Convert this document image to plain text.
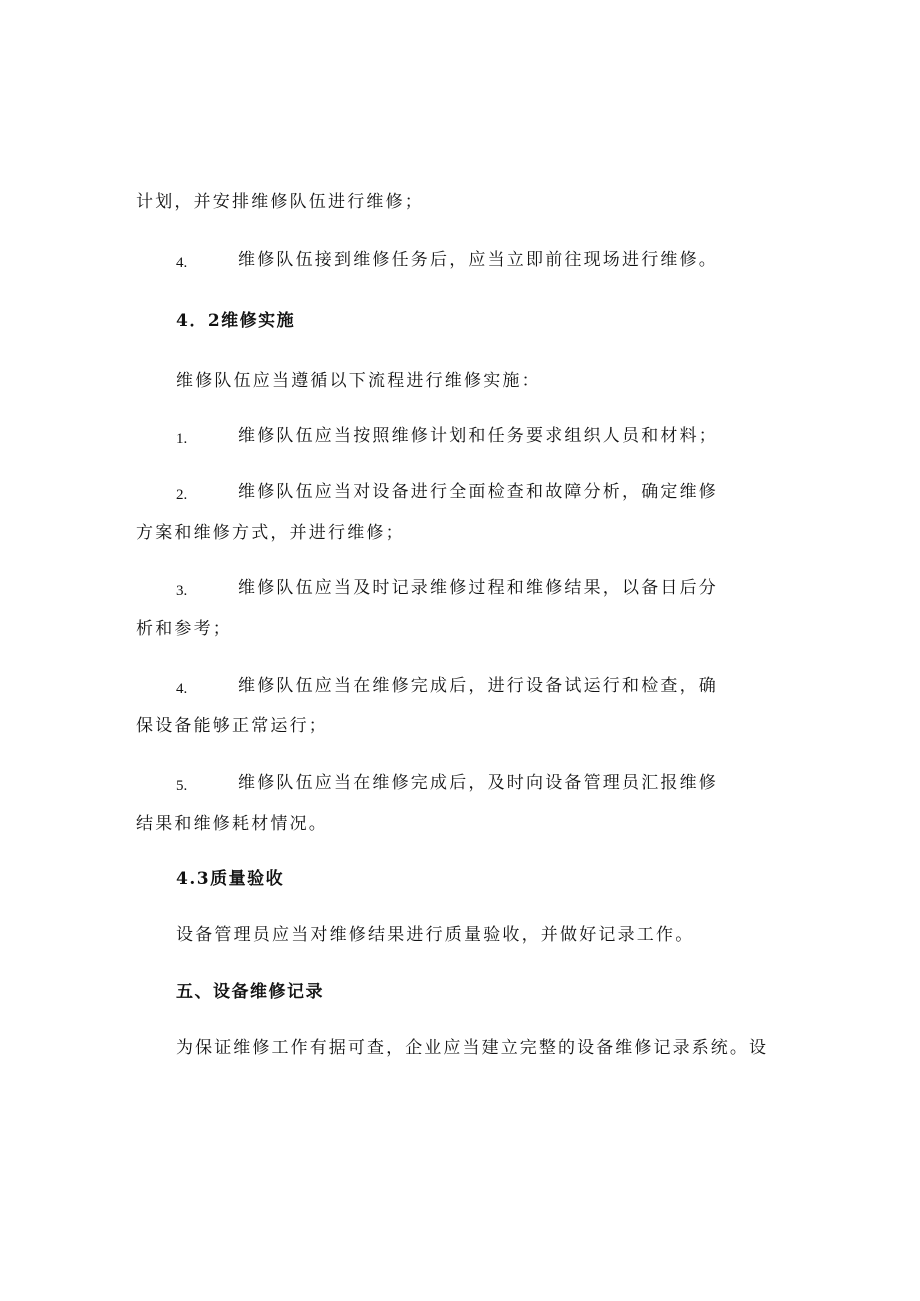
计划，并安排维修队伍进行维修；
4.	维修队伍接到维修任务后，应当立即前往现场进行维修。
4．2维修实施
维修队伍应当遵循以下流程进行维修实施：
1.	维修队伍应当按照维修计划和任务要求组织人员和材料；
2.	维修队伍应当对设备进行全面检查和故障分析，确定维修
方案和维修方式，并进行维修；
3.	维修队伍应当及时记录维修过程和维修结果，以备日后分
析和参考；
4.	维修队伍应当在维修完成后，进行设备试运行和检查，确
保设备能够正常运行；
5.	维修队伍应当在维修完成后，及时向设备管理员汇报维修
结果和维修耗材情况。
4.3质量验收
设备管理员应当对维修结果进行质量验收，并做好记录工作。
五、设备维修记录
为保证维修工作有据可查，企业应当建立完整的设备维修记录系统。设
